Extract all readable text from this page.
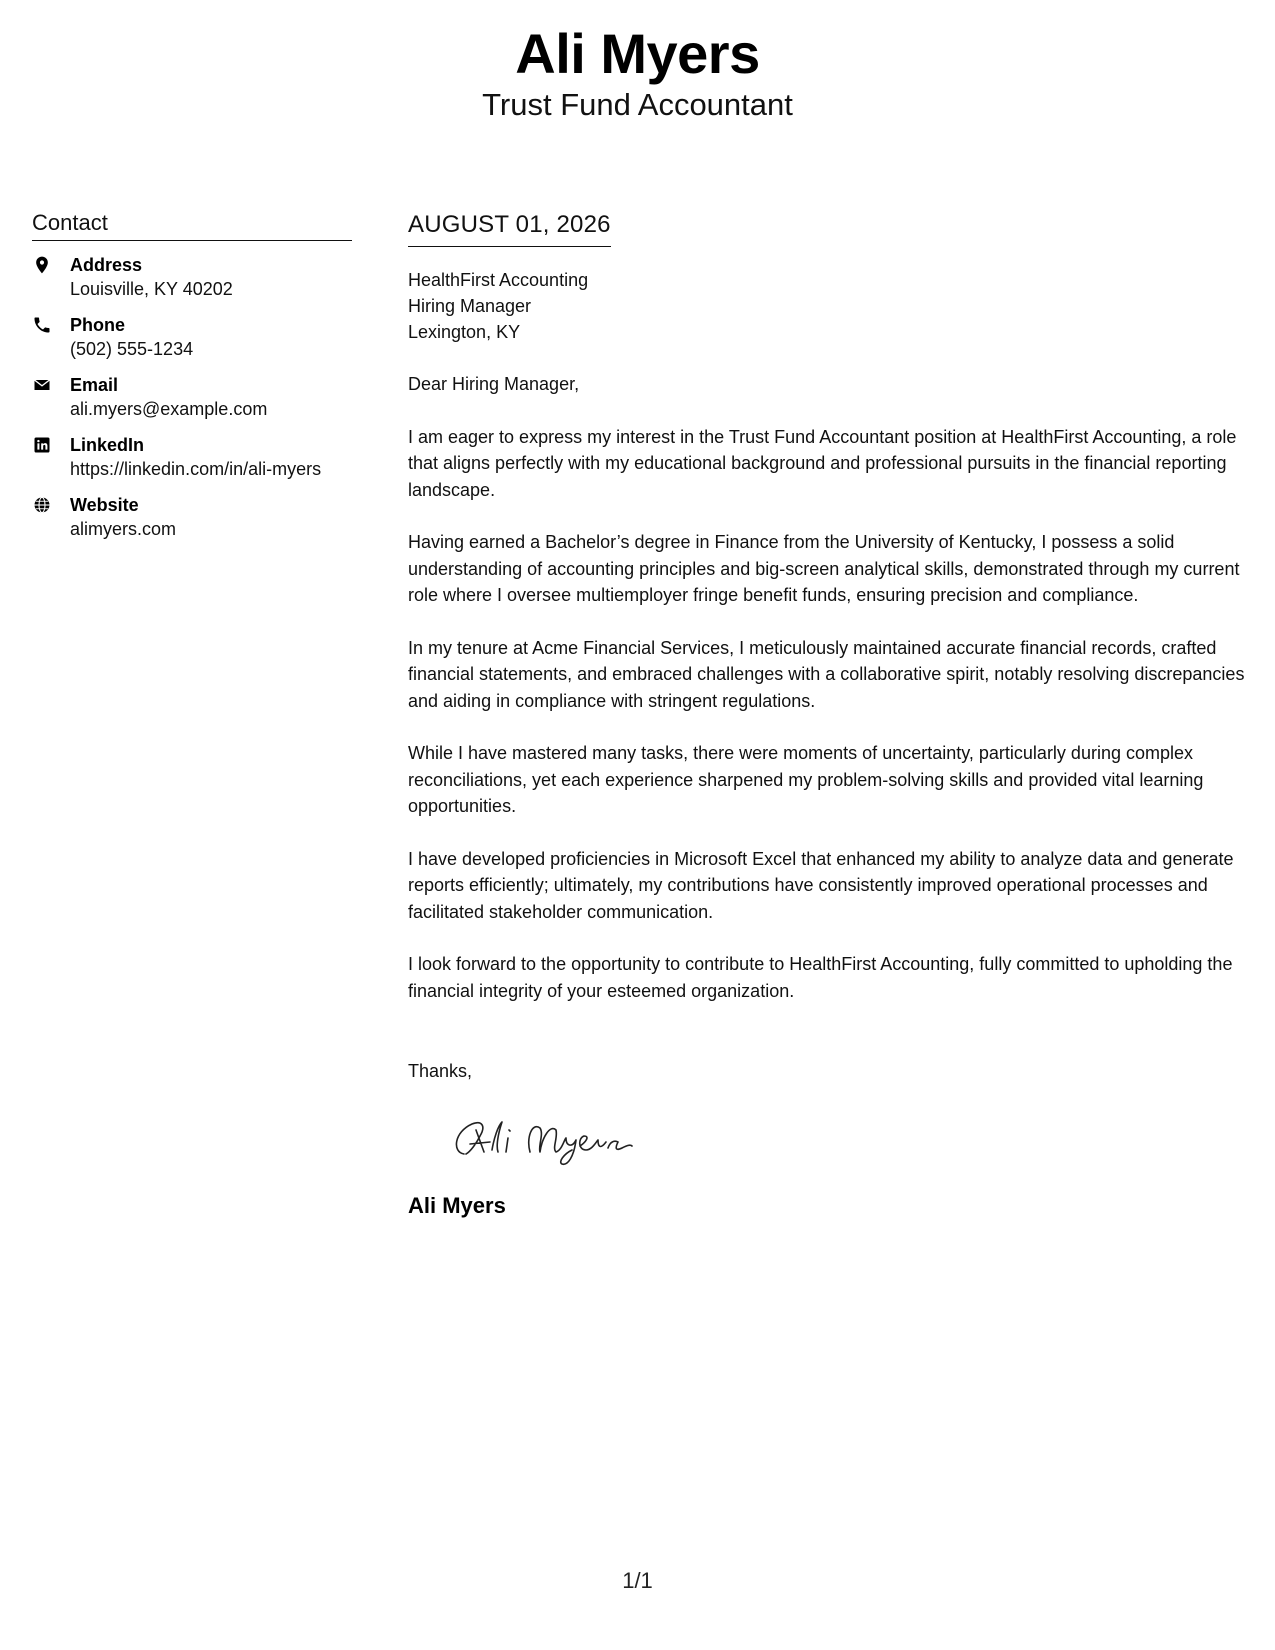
Ali Myers
Trust Fund Accountant
Contact
Address
Louisville, KY 40202
Phone
(502) 555-1234
Email
ali.myers@example.com
LinkedIn
https://linkedin.com/in/ali-myers
Website
alimyers.com
AUGUST 01, 2026
HealthFirst Accounting
Hiring Manager
Lexington, KY
Dear Hiring Manager,

I am eager to express my interest in the Trust Fund Accountant position at HealthFirst Accounting, a role that aligns perfectly with my educational background and professional pursuits in the financial reporting landscape.

Having earned a Bachelor’s degree in Finance from the University of Kentucky, I possess a solid understanding of accounting principles and big-screen analytical skills, demonstrated through my current role where I oversee multiemployer fringe benefit funds, ensuring precision and compliance.

In my tenure at Acme Financial Services, I meticulously maintained accurate financial records, crafted financial statements, and embraced challenges with a collaborative spirit, notably resolving discrepancies and aiding in compliance with stringent regulations.

While I have mastered many tasks, there were moments of uncertainty, particularly during complex reconciliations, yet each experience sharpened my problem-solving skills and provided vital learning opportunities.

I have developed proficiencies in Microsoft Excel that enhanced my ability to analyze data and generate reports efficiently; ultimately, my contributions have consistently improved operational processes and facilitated stakeholder communication.

I look forward to the opportunity to contribute to HealthFirst Accounting, fully committed to upholding the financial integrity of your esteemed organization.

Thanks,
Ali Myers
1/1
